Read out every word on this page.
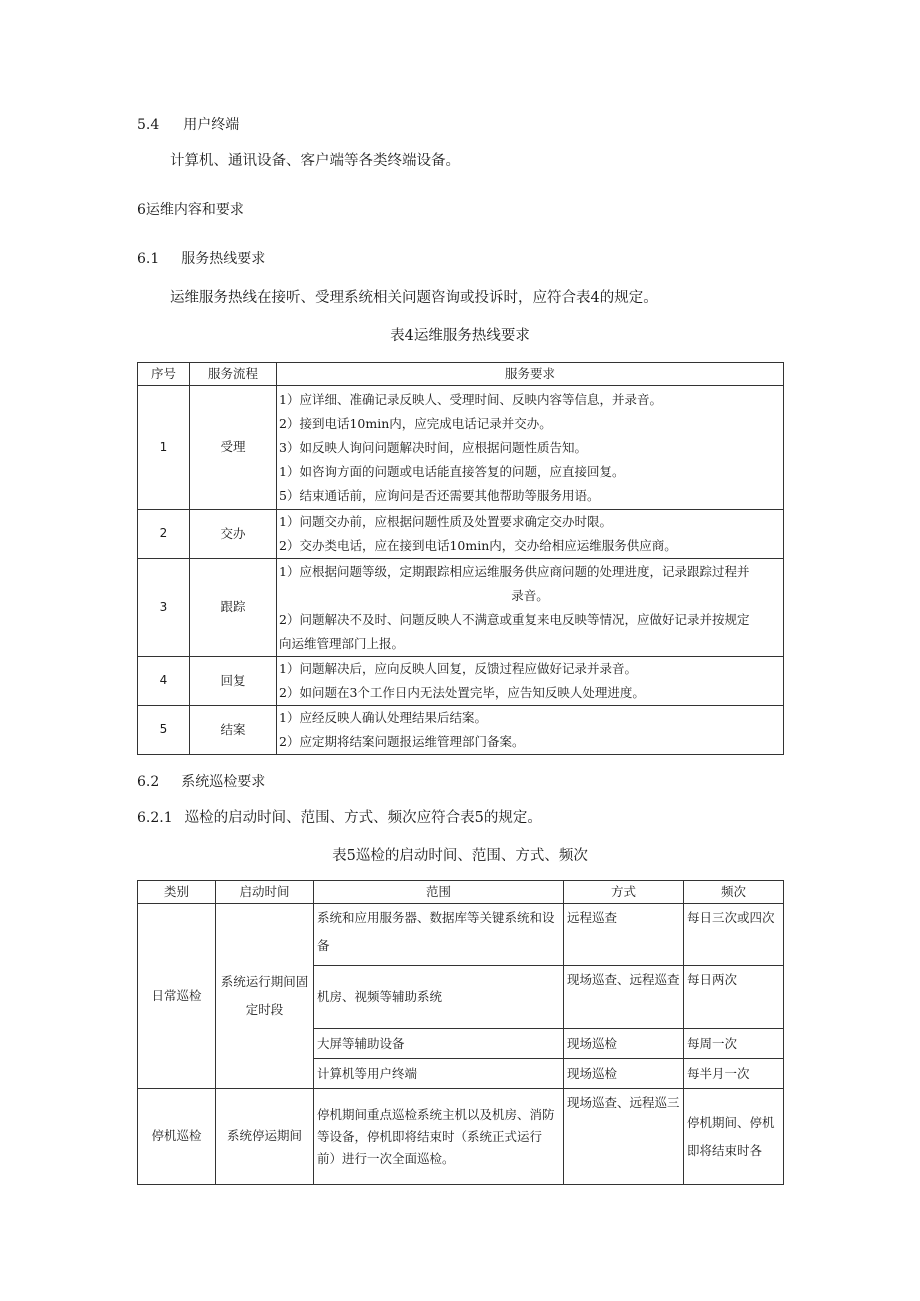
5.4 用户终端
计算机、通讯设备、客户端等各类终端设备。
6运维内容和要求
6.1 服务热线要求
运维服务热线在接听、受理系统相关问题咨询或投诉时，应符合表4的规定。
表4运维服务热线要求
序号	服务流程	服务要求
1	受理	1）应详细、准确记录反映人、受理时间、反映内容等信息，并录音。
2）接到电话10min内，应完成电话记录并交办。
3）如反映人询问问题解决时间，应根据问题性质告知。
1）如咨询方面的问题或电话能直接答复的问题，应直接回复。
5）结束通话前，应询问是否还需要其他帮助等服务用语。

2	交办	1）问题交办前，应根据问题性质及处置要求确定交办时限。
2）交办类电话，应在接到电话10min内，交办给相应运维服务供应商。

3	跟踪	1）应根据问题等级，定期跟踪相应运维服务供应商问题的处理进度，记录跟踪过程并
录音。
2）问题解决不及时、问题反映人不满意或重复来电反映等情况，应做好记录并按规定
向运维管理部门上报。

4	回复	1）问题解决后，应向反映人回复，反馈过程应做好记录并录音。
2）如问题在3个工作日内无法处置完毕，应告知反映人处理进度。

5	结案	1）应经反映人确认处理结果后结案。
2）应定期将结案问题报运维管理部门备案。
6.2 系统巡检要求
6.2.1 巡检的启动时间、范围、方式、频次应符合表5的规定。
表5巡检的启动时间、范围、方式、频次
类别	启动时间	范围	方式	频次
日常巡检	系统运行期间固定时段	系统和应用服务器、数据库等关键系统和设备	远程巡查	每日三次或四次
		机房、视频等辅助系统	现场巡查、远程巡查	每日两次
		大屏等辅助设备	现场巡检	每周一次
		计算机等用户终端	现场巡检	每半月一次
停机巡检	系统停运期间	停机期间重点巡检系统主机以及机房、消防等设备，停机即将结束时（系统正式运行前）进行一次全面巡检。	现场巡查、远程巡三	停机期间、停机即将结束时各
